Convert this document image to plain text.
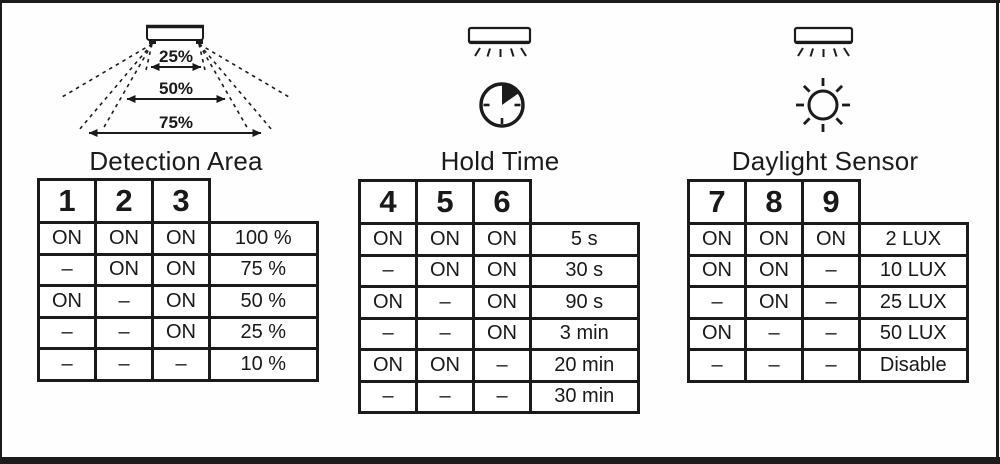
25%
50%
75%
Detection Area
1	2	3	
ON	ON	ON	100 %
–	ON	ON	75 %
ON	–	ON	50 %
–	–	ON	25 %
–	–	–	10 %
Hold Time
4	5	6	
ON	ON	ON	5 s
–	ON	ON	30 s
ON	–	ON	90 s
–	–	ON	3 min
ON	ON	–	20 min
–	–	–	30 min
Daylight Sensor
7	8	9	
ON	ON	ON	2 LUX
ON	ON	–	10 LUX
–	ON	–	25 LUX
ON	–	–	50 LUX
–	–	–	Disable
